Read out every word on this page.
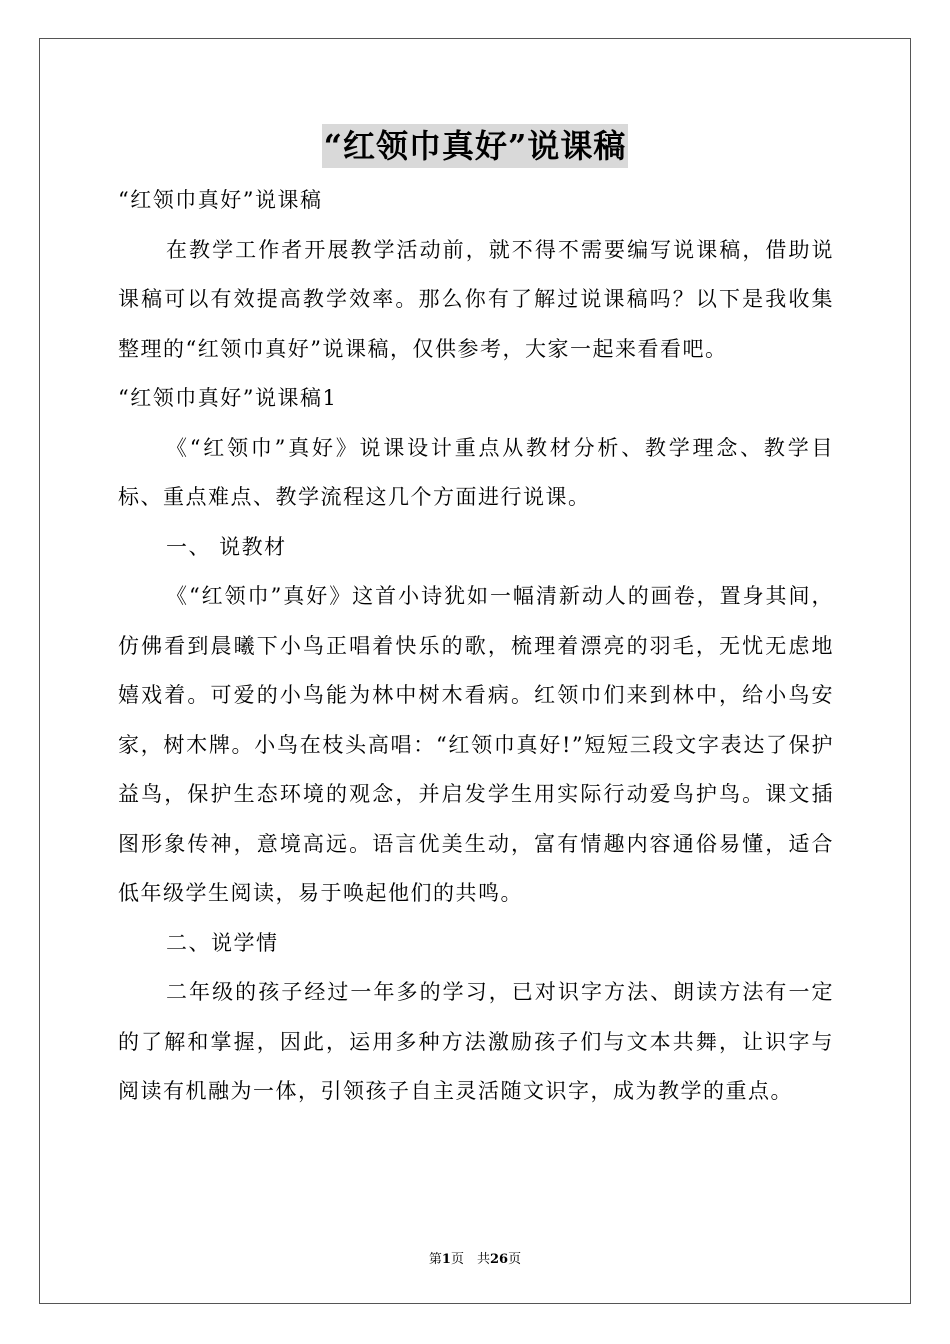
“红领巾真好”说课稿

“红领巾真好”说课稿

在教学工作者开展教学活动前，就不得不需要编写说课稿，借助说课稿可以有效提高教学效率。那么你有了解过说课稿吗？以下是我收集整理的“红领巾真好”说课稿，仅供参考，大家一起来看看吧。

“红领巾真好”说课稿1

《“红领巾”真好》说课设计重点从教材分析、教学理念、教学目标、重点难点、教学流程这几个方面进行说课。

一、 说教材

《“红领巾”真好》这首小诗犹如一幅清新动人的画卷，置身其间，仿佛看到晨曦下小鸟正唱着快乐的歌，梳理着漂亮的羽毛，无忧无虑地嬉戏着。可爱的小鸟能为林中树木看病。红领巾们来到林中，给小鸟安家，树木牌。小鸟在枝头高唱：“红领巾真好!”短短三段文字表达了保护益鸟，保护生态环境的观念，并启发学生用实际行动爱鸟护鸟。课文插图形象传神，意境高远。语言优美生动，富有情趣内容通俗易懂，适合低年级学生阅读，易于唤起他们的共鸣。

二、说学情

二年级的孩子经过一年多的学习，已对识字方法、朗读方法有一定的了解和掌握，因此，运用多种方法激励孩子们与文本共舞，让识字与阅读有机融为一体，引领孩子自主灵活随文识字，成为教学的重点。

第1页　共26页
